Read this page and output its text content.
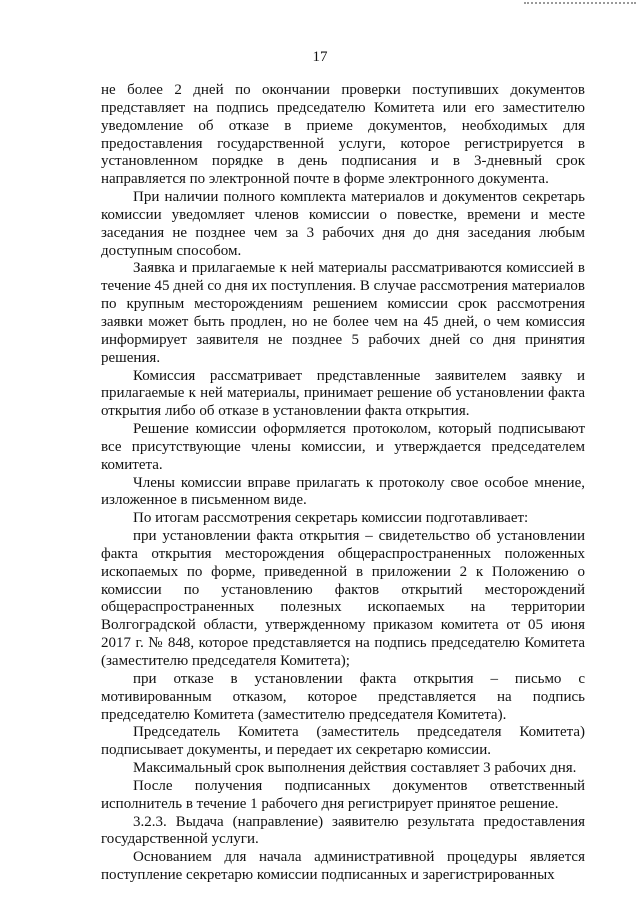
17

не более 2 дней по окончании проверки поступивших документов представляет на подпись председателю Комитета или его заместителю уведомление об отказе в приеме документов, необходимых для предоставления государственной услуги, которое регистрируется в установленном порядке в день подписания и в 3-дневный срок направляется по электронной почте в форме электронного документа.

При наличии полного комплекта материалов и документов секретарь комиссии уведомляет членов комиссии о повестке, времени и месте заседания не позднее чем за 3 рабочих дня до дня заседания любым доступным способом.

Заявка и прилагаемые к ней материалы рассматриваются комиссией в течение 45 дней со дня их поступления. В случае рассмотрения материалов по крупным месторождениям решением комиссии срок рассмотрения заявки может быть продлен, но не более чем на 45 дней, о чем комиссия информирует заявителя не позднее 5 рабочих дней со дня принятия решения.

Комиссия рассматривает представленные заявителем заявку и прилагаемые к ней материалы, принимает решение об установлении факта открытия либо об отказе в установлении факта открытия.

Решение комиссии оформляется протоколом, который подписывают все присутствующие члены комиссии, и утверждается председателем комитета.

Члены комиссии вправе прилагать к протоколу свое особое мнение, изложенное в письменном виде.

По итогам рассмотрения секретарь комиссии подготавливает:

при установлении факта открытия – свидетельство об установлении факта открытия месторождения общераспространенных положенных ископаемых по форме, приведенной в приложении 2 к Положению о комиссии по установлению фактов открытий месторождений общераспространенных полезных ископаемых на территории Волгоградской области, утвержденному приказом комитета от 05 июня 2017 г. № 848, которое представляется на подпись председателю Комитета (заместителю председателя Комитета);

при отказе в установлении факта открытия – письмо с мотивированным отказом, которое представляется на подпись председателю Комитета (заместителю председателя Комитета).

Председатель Комитета (заместитель председателя Комитета) подписывает документы, и передает их секретарю комиссии.

Максимальный срок выполнения действия составляет 3 рабочих дня.

После получения подписанных документов ответственный исполнитель в течение 1 рабочего дня регистрирует принятое решение.

3.2.3. Выдача (направление) заявителю результата предоставления государственной услуги.

Основанием для начала административной процедуры является поступление секретарю комиссии подписанных и зарегистрированных
